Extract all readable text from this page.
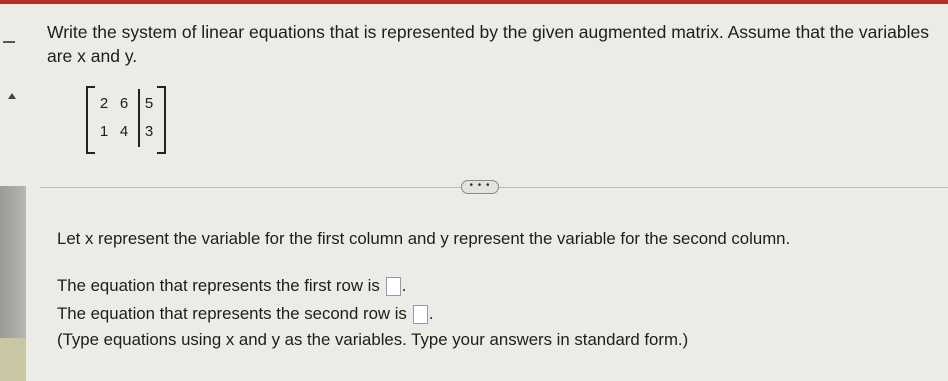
Write the system of linear equations that is represented by the given augmented matrix. Assume that the variables are x and y.
2 6 5
1 4 3
• • •
Let x represent the variable for the first column and y represent the variable for the second column.
The equation that represents the first row is .
The equation that represents the second row is .
(Type equations using x and y as the variables. Type your answers in standard form.)
